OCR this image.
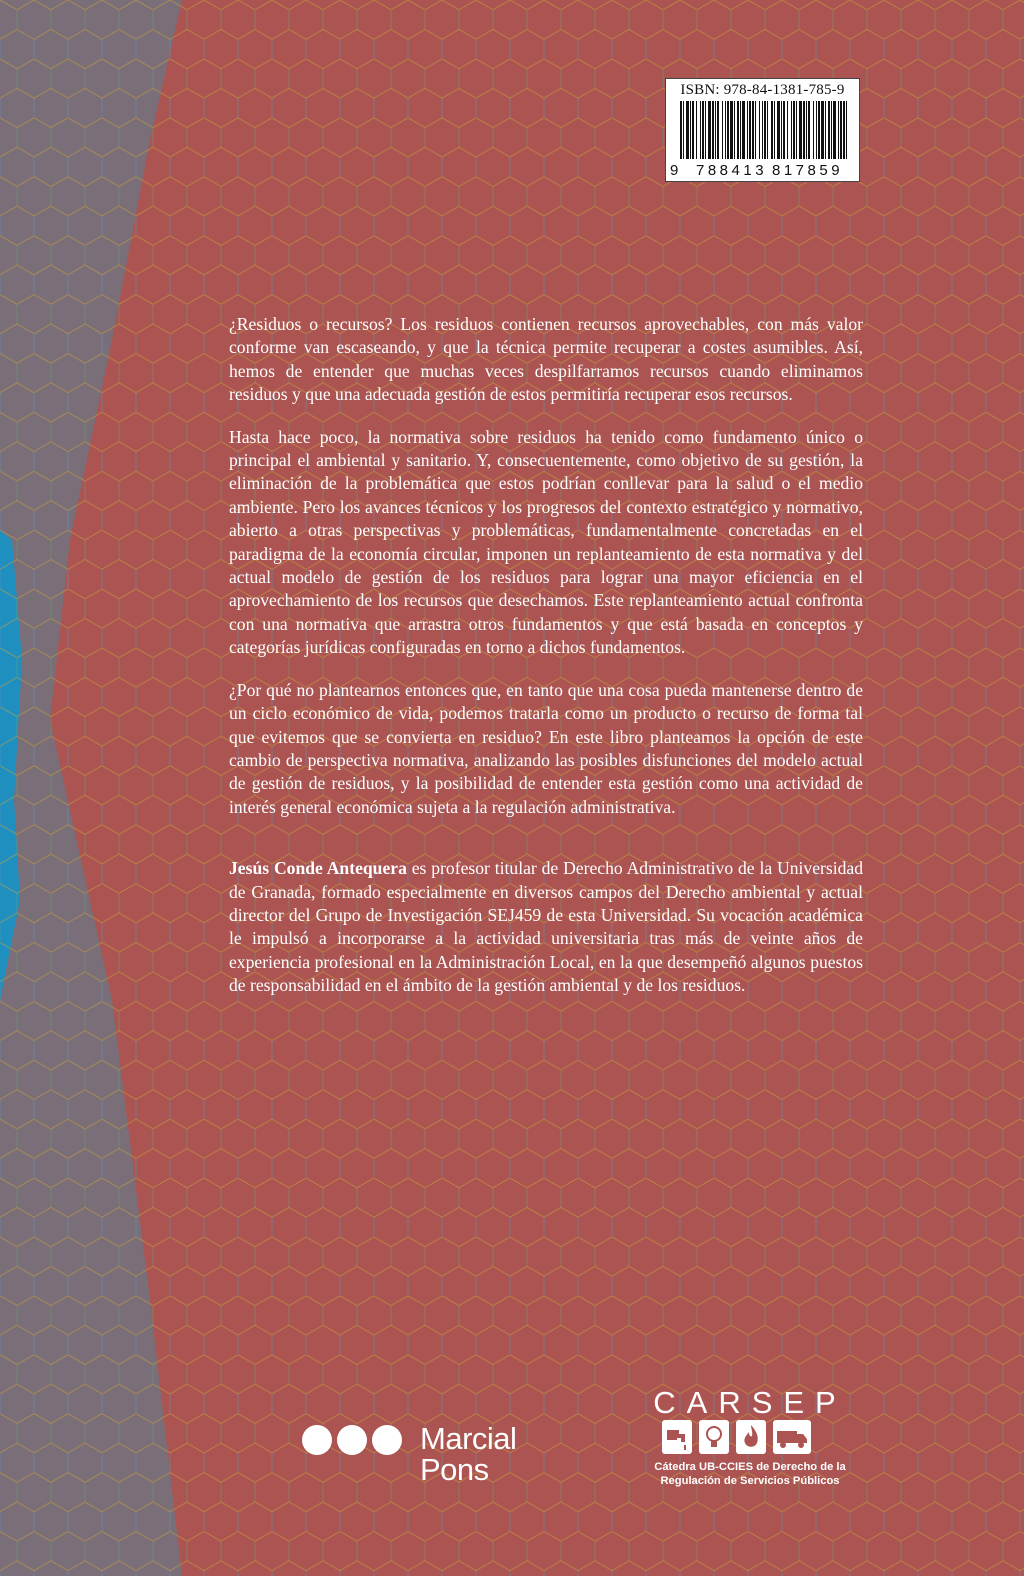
ISBN: 978-84-1381-785-9
9 788413 817859

¿Residuos o recursos? Los residuos contienen recursos aprovechables, con más valor conforme van escaseando, y que la técnica permite recuperar a costes asumibles. Así, hemos de entender que muchas veces despilfarramos recursos cuando eliminamos residuos y que una adecuada gestión de estos permitiría recuperar esos recursos.

Hasta hace poco, la normativa sobre residuos ha tenido como fundamento único o principal el ambiental y sanitario. Y, consecuentemente, como objetivo de su gestión, la eliminación de la problemática que estos podrían conllevar para la salud o el medio ambiente. Pero los avances técnicos y los progresos del contexto estratégico y normativo, abierto a otras perspectivas y problemáticas, fundamentalmente concretadas en el paradigma de la economía circular, imponen un replanteamiento de esta normativa y del actual modelo de gestión de los residuos para lograr una mayor eficiencia en el aprovechamiento de los recursos que desechamos. Este replanteamiento actual confronta con una normativa que arrastra otros fundamentos y que está basada en conceptos y categorías jurídicas configuradas en torno a dichos fundamentos.

¿Por qué no plantearnos entonces que, en tanto que una cosa pueda mantenerse dentro de un ciclo económico de vida, podemos tratarla como un producto o recurso de forma tal que evitemos que se convierta en residuo? En este libro planteamos la opción de este cambio de perspectiva normativa, analizando las posibles disfunciones del modelo actual de gestión de residuos, y la posibilidad de entender esta gestión como una actividad de interés general económica sujeta a la regulación administrativa.

Jesús Conde Antequera es profesor titular de Derecho Administrativo de la Universidad de Granada, formado especialmente en diversos campos del Derecho ambiental y actual director del Grupo de Investigación SEJ459 de esta Universidad. Su vocación académica le impulsó a incorporarse a la actividad universitaria tras más de veinte años de experiencia profesional en la Administración Local, en la que desempeñó algunos puestos de responsabilidad en el ámbito de la gestión ambiental y de los residuos.

Marcial
Pons
CARSEP
Cátedra UB-CCIES de Derecho de la
Regulación de Servicios Públicos
